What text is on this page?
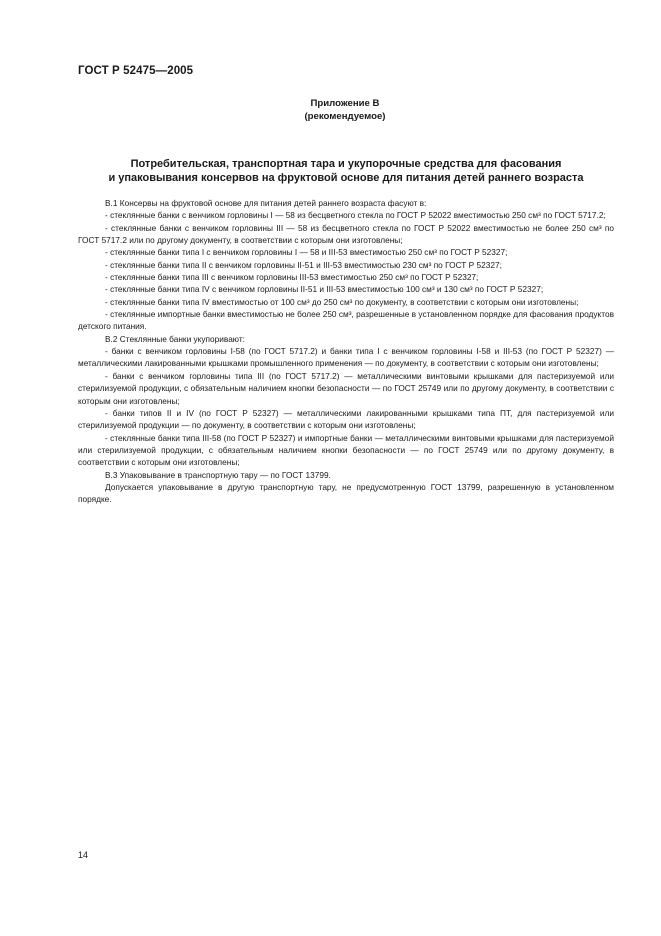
ГОСТ Р 52475—2005
Приложение В
(рекомендуемое)
Потребительская, транспортная тара и укупорочные средства для фасования
и упаковывания консервов на фруктовой основе для питания детей раннего возраста

В.1 Консервы на фруктовой основе для питания детей раннего возраста фасуют в:

- стеклянные банки с венчиком горловины I — 58 из бесцветного стекла по ГОСТ Р 52022 вместимостью 250 см³ по ГОСТ 5717.2;

- стеклянные банки с венчиком горловины III — 58 из бесцветного стекла по ГОСТ Р 52022 вместимостью не более 250 см³ по ГОСТ 5717.2 или по другому документу, в соответствии с которым они изготовлены;

- стеклянные банки типа I с венчиком горловины I — 58 и III-53 вместимостью 250 см³ по ГОСТ Р 52327;

- стеклянные банки типа II с венчиком горловины II-51 и III-53 вместимостью 230 см³ по ГОСТ Р 52327;

- стеклянные банки типа III с венчиком горловины III-53 вместимостью 250 см³ по ГОСТ Р 52327;

- стеклянные банки типа IV с венчиком горловины II-51 и III-53 вместимостью 100 см³ и 130 см³ по ГОСТ Р 52327;

- стеклянные банки типа IV вместимостью от 100 см³ до 250 см³ по документу, в соответствии с которым они изготовлены;

- стеклянные импортные банки вместимостью не более 250 см³, разрешенные в установленном порядке для фасования продуктов детского питания.

В.2 Стеклянные банки укупоривают:

- банки с венчиком горловины I-58 (по ГОСТ 5717.2) и банки типа I с венчиком горловины I-58 и III-53 (по ГОСТ Р 52327) — металлическими лакированными крышками промышленного применения — по документу, в соответствии с которым они изготовлены;

- банки с венчиком горловины типа III (по ГОСТ 5717.2) — металлическими винтовыми крышками для пастеризуемой или стерилизуемой продукции, с обязательным наличием кнопки безопасности — по ГОСТ 25749 или по другому документу, в соответствии с которым они изготовлены;

- банки типов II и IV (по ГОСТ Р 52327) — металлическими лакированными крышками типа ПТ, для пастеризуемой или стерилизуемой продукции — по документу, в соответствии с которым они изготовлены;

- стеклянные банки типа III-58 (по ГОСТ Р 52327) и импортные банки — металлическими винтовыми крышками для пастеризуемой или стерилизуемой продукции, с обязательным наличием кнопки безопасности — по ГОСТ 25749 или по другому документу, в соответствии с которым они изготовлены;

В.3 Упаковывание в транспортную тару — по ГОСТ 13799.

Допускается упаковывание в другую транспортную тару, не предусмотренную ГОСТ 13799, разрешенную в установленном порядке.

14
